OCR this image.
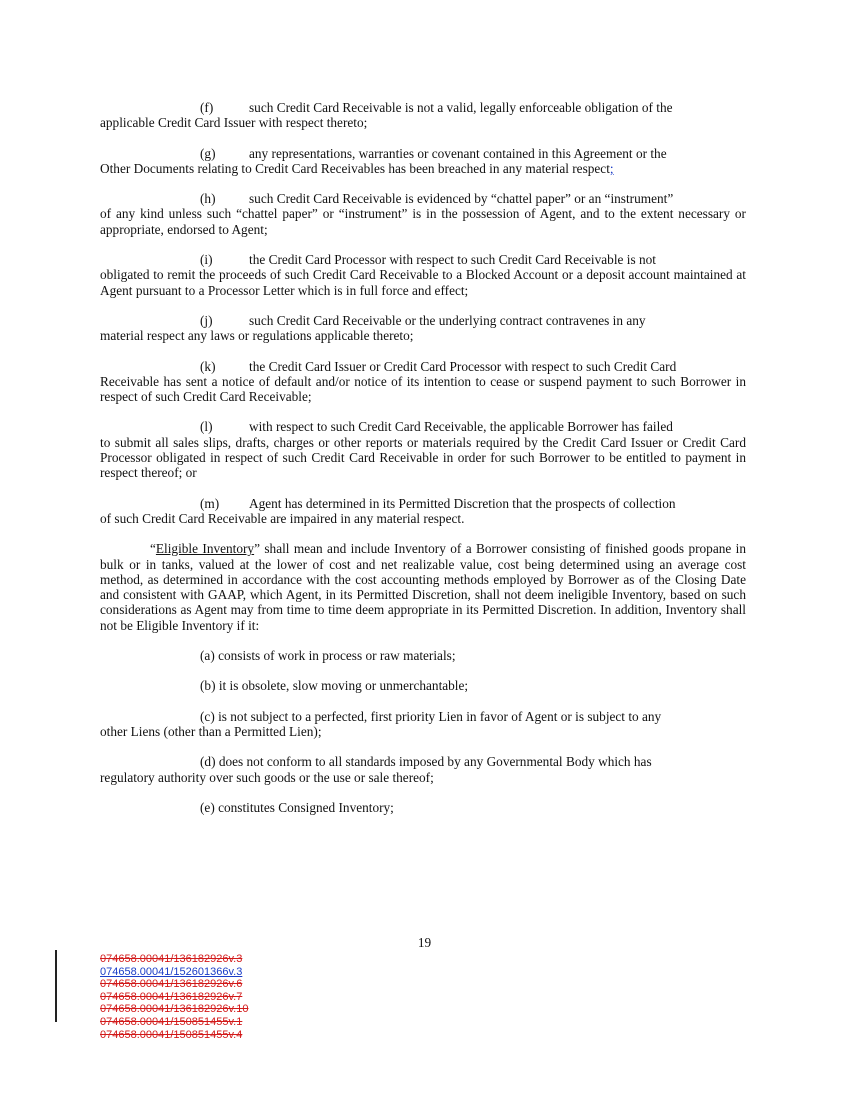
(f)	such Credit Card Receivable is not a valid, legally enforceable obligation of the

applicable Credit Card Issuer with respect thereto;

(g)	any representations, warranties or covenant contained in this Agreement or the

Other Documents relating to Credit Card Receivables has been breached in any material respect;

(h)	such Credit Card Receivable is evidenced by “chattel paper” or an “instrument”

of any kind unless such “chattel paper” or “instrument” is in the possession of Agent, and to the extent necessary or appropriate, endorsed to Agent;

(i)	the Credit Card Processor with respect to such Credit Card Receivable is not

obligated to remit the proceeds of such Credit Card Receivable to a Blocked Account or a deposit account maintained at Agent pursuant to a Processor Letter which is in full force and effect;

(j)	such Credit Card Receivable or the underlying contract contravenes in any

material respect any laws or regulations applicable thereto;

(k)	the Credit Card Issuer or Credit Card Processor with respect to such Credit Card

Receivable has sent a notice of default and/or notice of its intention to cease or suspend payment to such Borrower in respect of such Credit Card Receivable;

(l)	with respect to such Credit Card Receivable, the applicable Borrower has failed

to submit all sales slips, drafts, charges or other reports or materials required by the Credit Card Issuer or Credit Card Processor obligated in respect of such Credit Card Receivable in order for such Borrower to be entitled to payment in respect thereof; or

(m)	Agent has determined in its Permitted Discretion that the prospects of collection

of such Credit Card Receivable are impaired in any material respect.

“Eligible Inventory” shall mean and include Inventory of a Borrower consisting of finished goods propane in bulk or in tanks, valued at the lower of cost and net realizable value, cost being determined using an average cost method, as determined in accordance with the cost accounting methods employed by Borrower as of the Closing Date and consistent with GAAP, which Agent, in its Permitted Discretion, shall not deem ineligible Inventory, based on such considerations as Agent may from time to time deem appropriate in its Permitted Discretion. In addition, Inventory shall not be Eligible Inventory if it:

(a) consists of work in process or raw materials;

(b) it is obsolete, slow moving or unmerchantable;

(c) is not subject to a perfected, first priority Lien in favor of Agent or is subject to any

other Liens (other than a Permitted Lien);

(d) does not conform to all standards imposed by any Governmental Body which has

regulatory authority over such goods or the use or sale thereof;

(e) constitutes Consigned Inventory;

19
074658.00041/136182926v.3
074658.00041/152601366v.3
074658.00041/136182926v.6
074658.00041/136182926v.7
074658.00041/136182926v.10
074658.00041/150851455v.1
074658.00041/150851455v.4
